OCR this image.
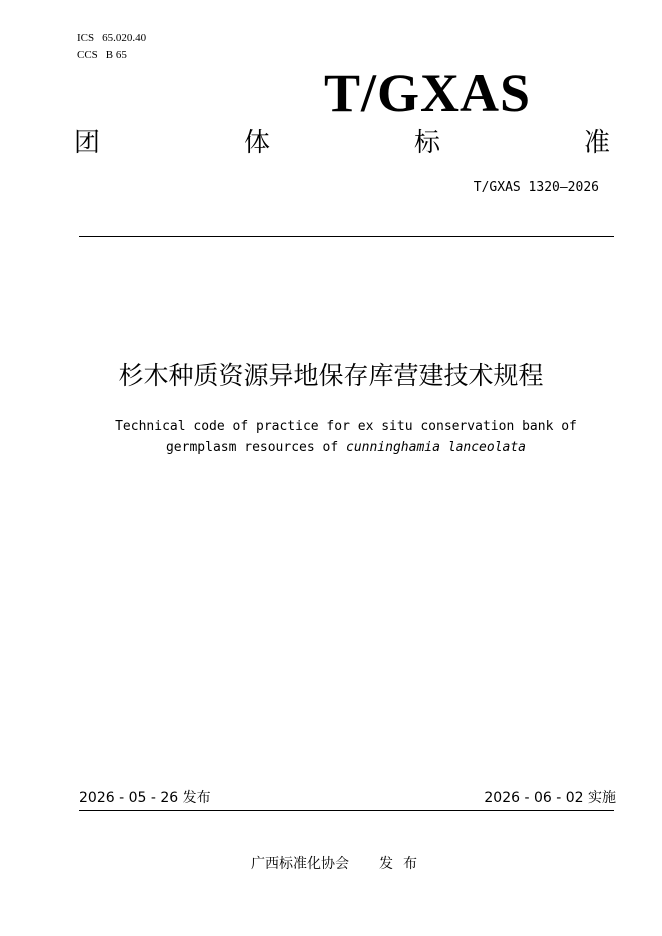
ICS 65.020.40
CCS B 65
T/GXAS
团	体	标	准
T/GXAS 1320—2026
杉木种质资源异地保存库营建技术规程
Technical code of practice for ex situ conservation bank of
germplasm resources of cunninghamia lanceolata
2026 - 05 - 26 发布	2026 - 06 - 02 实施
广西标准化协会 发布
